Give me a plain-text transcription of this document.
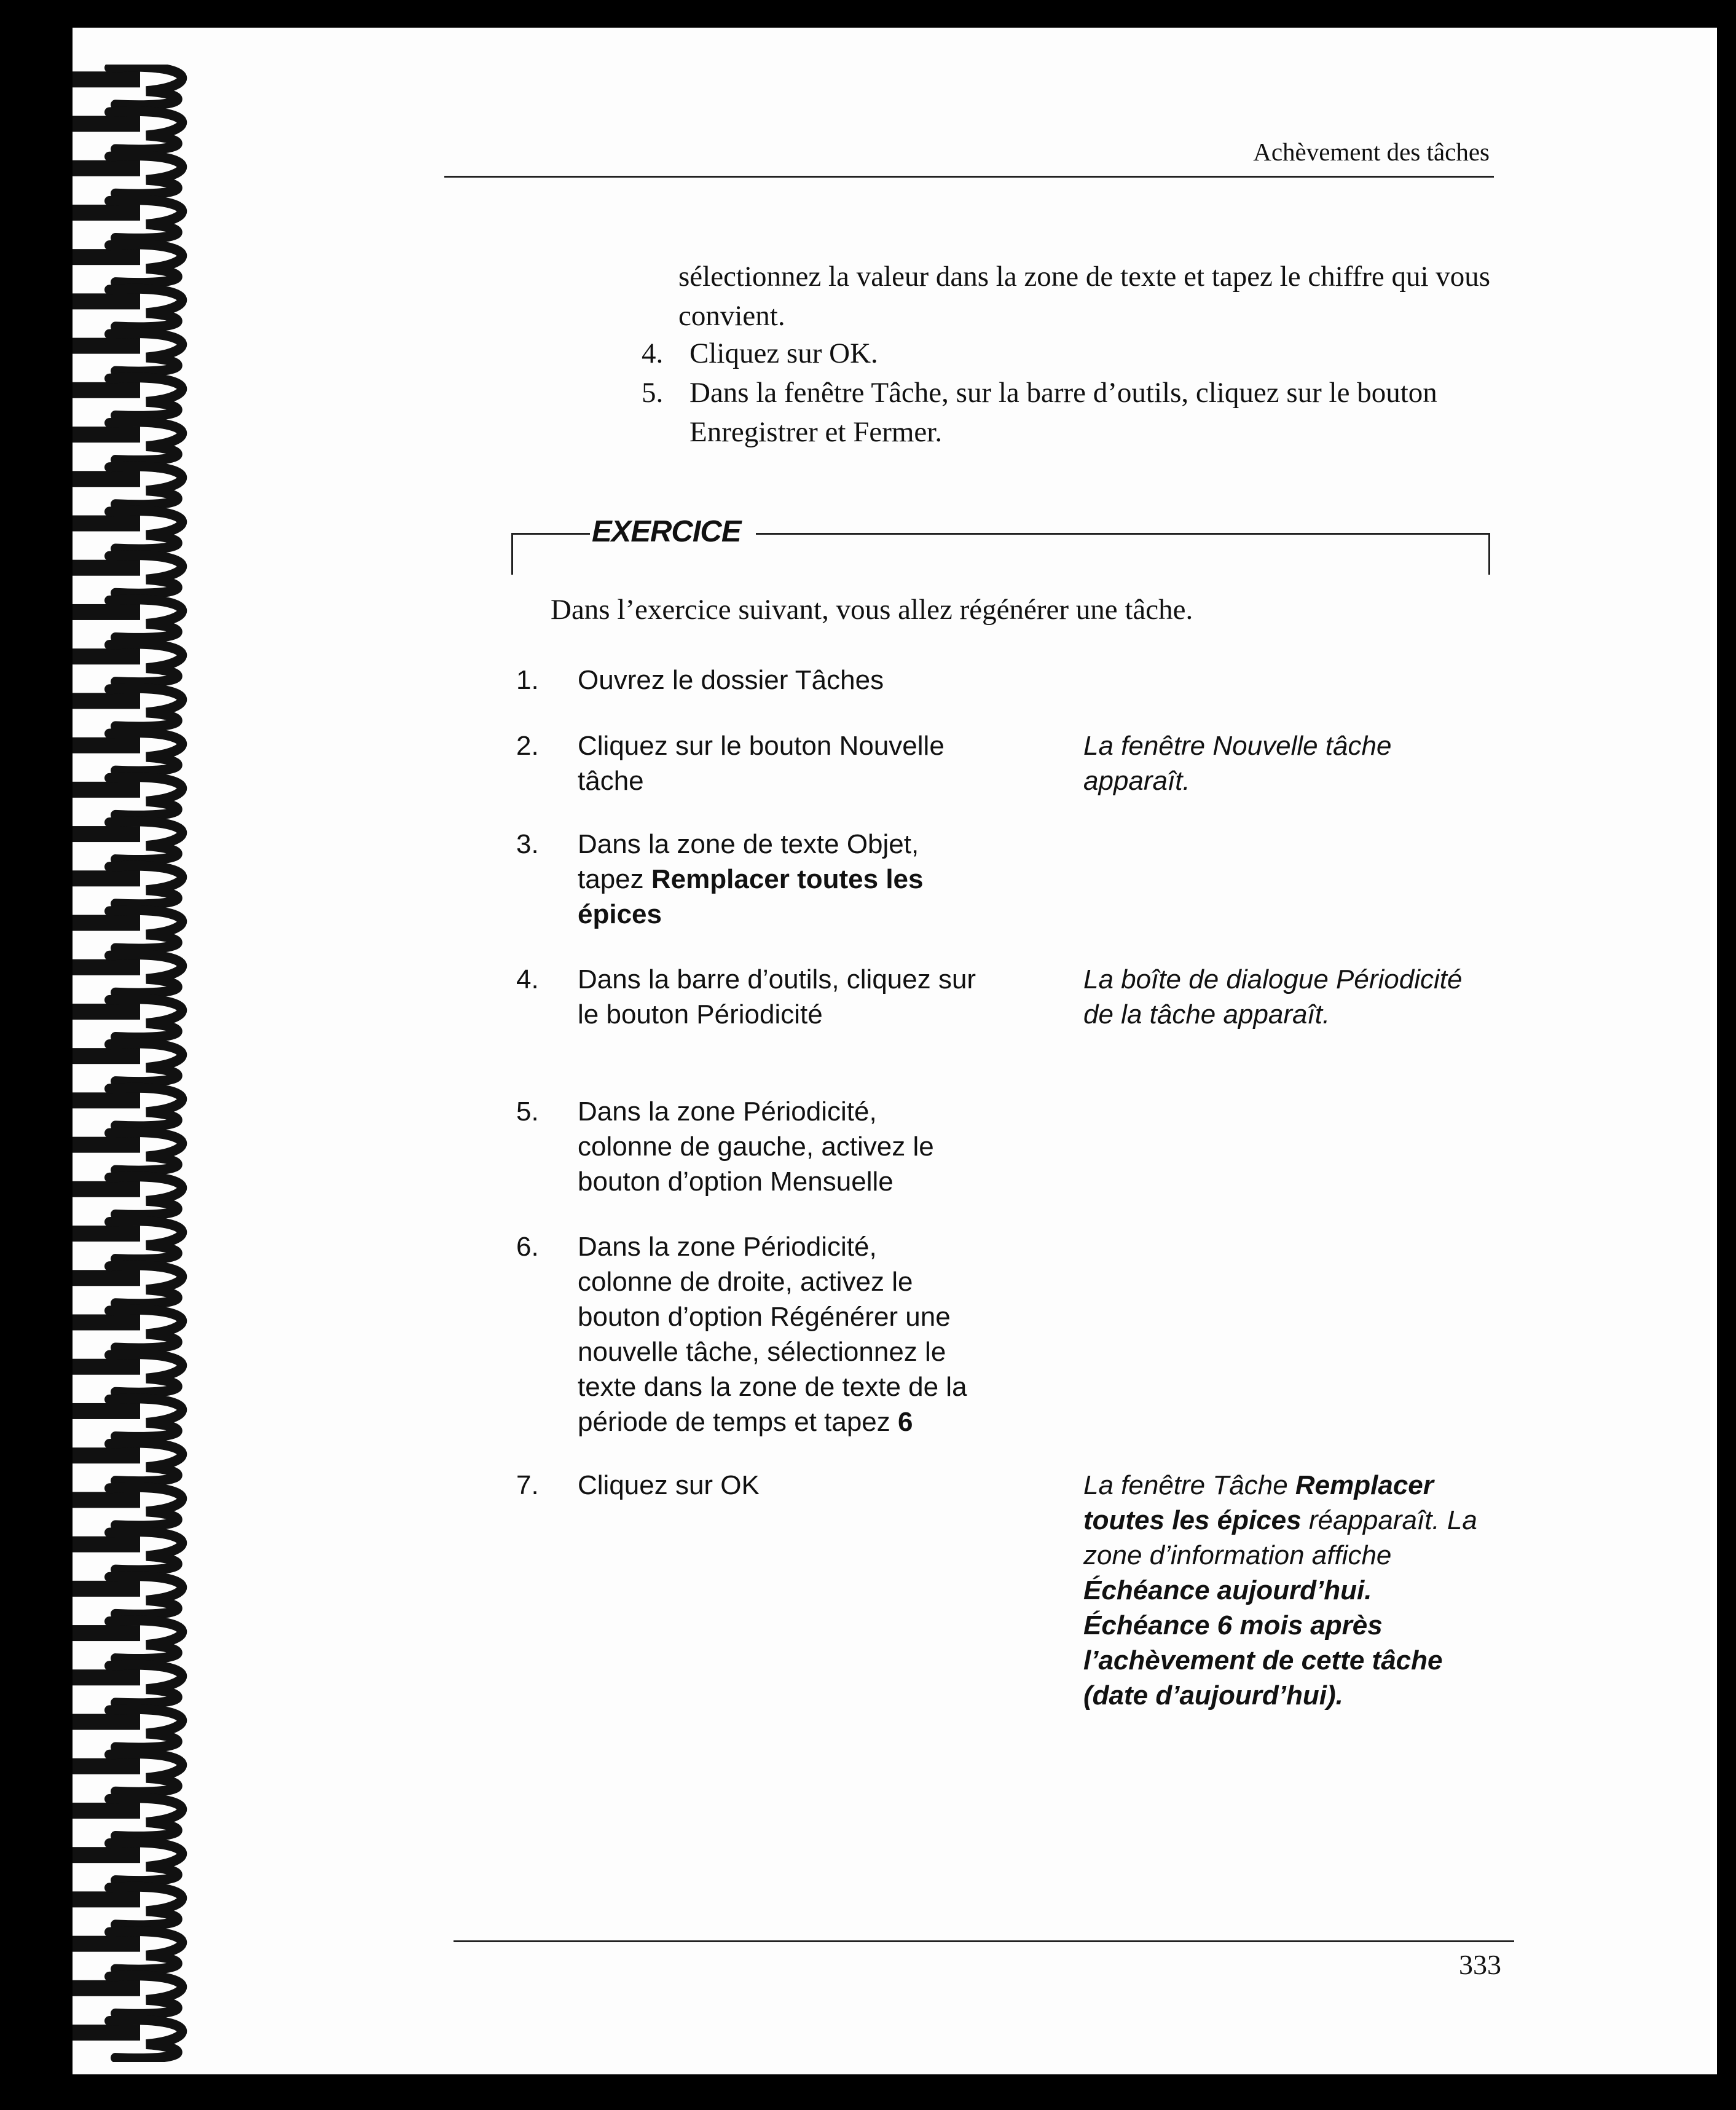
Achèvement des tâches
sélectionnez la valeur dans la zone de texte et tapez le chiffre qui vous convient.
4. Cliquez sur OK.
5. Dans la fenêtre Tâche, sur la barre d’outils, cliquez sur le bouton Enregistrer et Fermer.
EXERCICE
Dans l’exercice suivant, vous allez régénérer une tâche.
1. Ouvrez le dossier Tâches
2. Cliquez sur le bouton Nouvelle tâche
La fenêtre Nouvelle tâche apparaît.
3. Dans la zone de texte Objet, tapez Remplacer toutes les épices
4. Dans la barre d’outils, cliquez sur le bouton Périodicité
La boîte de dialogue Périodicité de la tâche apparaît.
5. Dans la zone Périodicité, colonne de gauche, activez le bouton d’option Mensuelle
6. Dans la zone Périodicité, colonne de droite, activez le bouton d’option Régénérer une nouvelle tâche, sélectionnez le texte dans la zone de texte de la période de temps et tapez 6
7. Cliquez sur OK	La fenêtre Tâche Remplacer toutes les épices réapparaît. La zone d’information affiche Échéance aujourd’hui. Échéance 6 mois après l’achèvement de cette tâche (date d’aujourd’hui).
333
